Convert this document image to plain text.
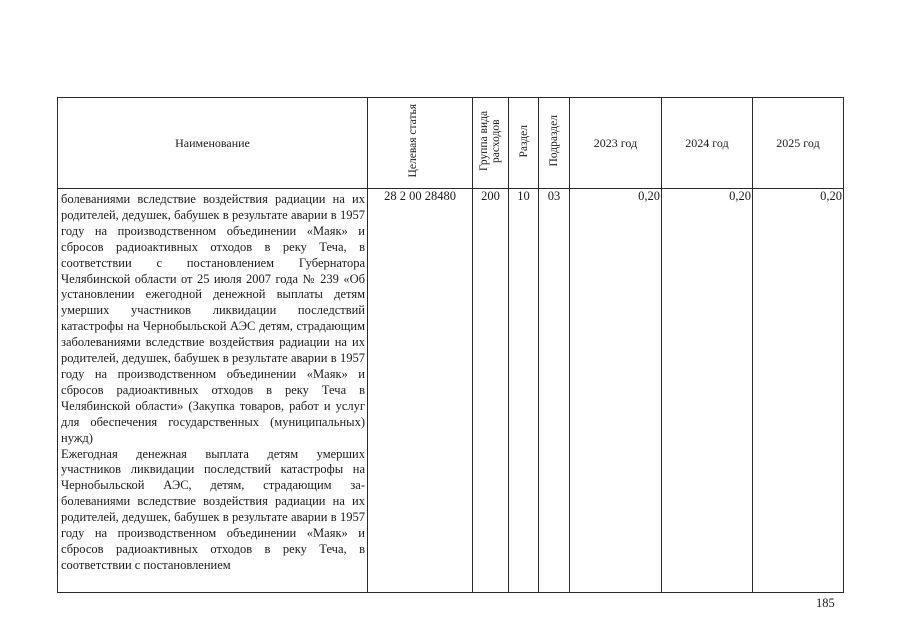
Наименование	Целевая статья	Группа вида расходов	Раздел	Подраздел	2023 год	2024 год	2025 год

болеваниями вследствие воздействия радиации на их родителей, дедушек, бабушек в результате аварии в 1957 году на производственном объединении «Маяк» и сбросов радиоактивных отходов в реку Теча, в соответствии с постановлением Губернатора Челябинской области от 25 июля 2007 года № 239 «Об установлении ежегодной денежной выплаты детям умерших участников ликвидации последствий катастрофы на Чернобыльской АЭС детям, страдающим заболеваниями вследствие воздействия радиации на их родителей, дедушек, бабушек в результате аварии в 1957 году на производственном объединении «Маяк» и сбросов радиоактивных отходов в реку Теча в Челябинской области» (Закупка товаров, работ и услуг для обеспечения государственных (муниципальных) нужд)

Ежегодная денежная выплата детям умерших участников ликвидации последствий катастрофы на Чернобыльской АЭС, детям, страдающим заболеваниями вследствие воздействия радиации на их родителей, дедушек, бабушек в результате аварии в 1957 году на производственном объединении «Маяк» и сбросов радиоактивных отходов в реку Теча, в соответствии с постановлением	28 2 00 28480	200	10	03	0,20	0,20	0,20
185
